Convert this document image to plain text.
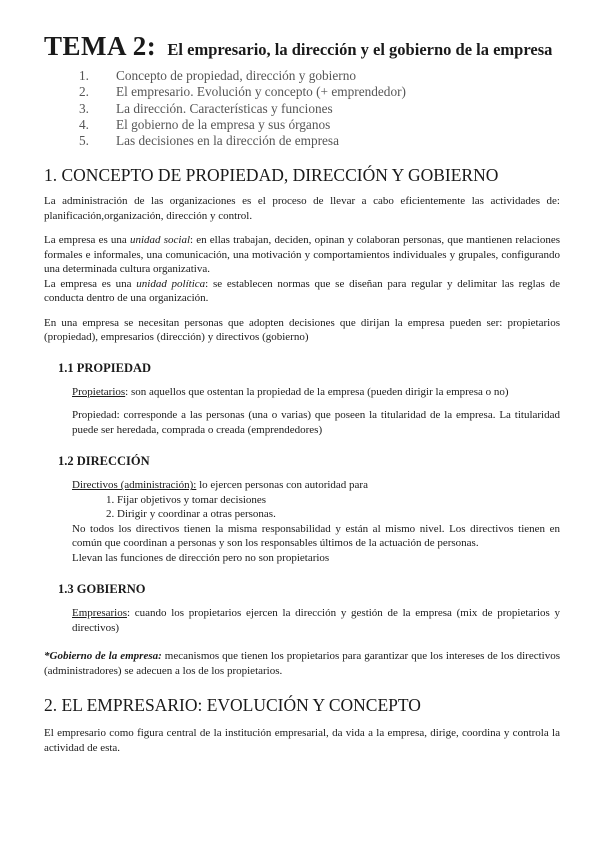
TEMA 2: El empresario, la dirección y el gobierno de la empresa
1.	Concepto de propiedad, dirección y gobierno
2.	El empresario. Evolución y concepto (+ emprendedor)
3.	La dirección. Características y funciones
4.	El gobierno de la empresa y sus órganos
5.	Las decisiones en la dirección de empresa
1. CONCEPTO DE PROPIEDAD, DIRECCIÓN Y GOBIERNO

La administración de las organizaciones es el proceso de llevar a cabo eficientemente las actividades de: planificación,organización, dirección y control.

La empresa es una unidad social: en ellas trabajan, deciden, opinan y colaboran personas, que mantienen relaciones formales e informales, una comunicación, una motivación y comportamientos individuales y grupales, configurando una determinada cultura organizativa.

La empresa es una unidad política: se establecen normas que se diseñan para regular y delimitar las reglas de conducta dentro de una organización.

En una empresa se necesitan personas que adopten decisiones que dirijan la empresa pueden ser: propietarios (propiedad), empresarios (dirección) y directivos (gobierno)

1.1 PROPIEDAD

Propietarios: son aquellos que ostentan la propiedad de la empresa (pueden dirigir la empresa o no)

Propiedad: corresponde a las personas (una o varias) que poseen la titularidad de la empresa. La titularidad puede ser heredada, comprada o creada (emprendedores)

1.2 DIRECCIÓN

Directivos (administración): lo ejercen personas con autoridad para

1. Fijar objetivos y tomar decisiones

2. Dirigir y coordinar a otras personas.

No todos los directivos tienen la misma responsabilidad y están al mismo nivel. Los directivos tienen en común que coordinan a personas y son los responsables últimos de la actuación de personas.

Llevan las funciones de dirección pero no son propietarios

1.3 GOBIERNO

Empresarios: cuando los propietarios ejercen la dirección y gestión de la empresa (mix de propietarios y directivos)

*Gobierno de la empresa: mecanismos que tienen los propietarios para garantizar que los intereses de los directivos (administradores) se adecuen a los de los propietarios.

2. EL EMPRESARIO: EVOLUCIÓN Y CONCEPTO

El empresario como figura central de la institución empresarial, da vida a la empresa, dirige, coordina y controla la actividad de esta.
